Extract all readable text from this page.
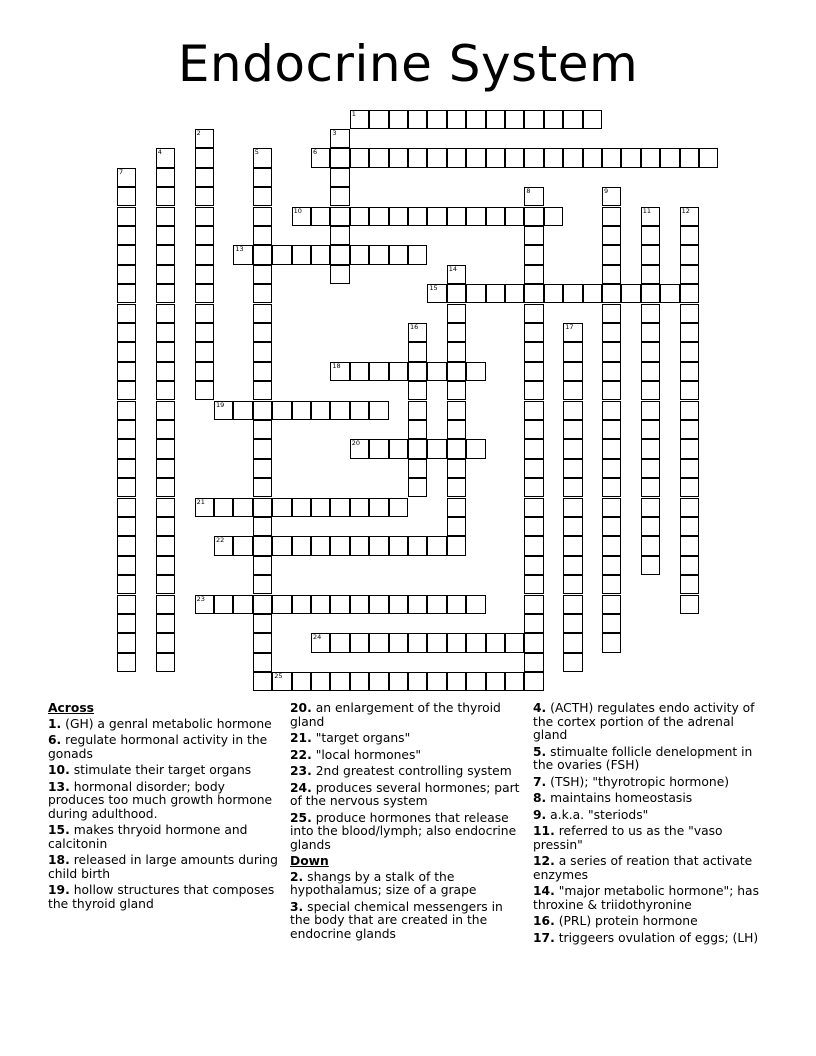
Endocrine System
1
2	3
4	5	6
7
8	9
10	11	12
13
14
15
16	17
18
19
20
21
22
23
24
25
Across
1. (GH) a genral metabolic hormone
6. regulate hormonal activity in the gonads
10. stimulate their target organs
13. hormonal disorder; body produces too much growth hormone during adulthood.
15. makes thryoid hormone and calcitonin
18. released in large amounts during child birth
19. hollow structures that composes the thyroid gland
20. an enlargement of the thyroid gland
21. "target organs"
22. "local hormones"
23. 2nd greatest controlling system
24. produces several hormones; part of the nervous system
25. produce hormones that release into the blood/lymph; also endocrine glands
Down
2. shangs by a stalk of the hypothalamus; size of a grape
3. special chemical messengers in the body that are created in the endocrine glands
4. (ACTH) regulates endo activity of the cortex portion of the adrenal gland
5. stimualte follicle denelopment in the ovaries (FSH)
7. (TSH); "thyrotropic hormone)
8. maintains homeostasis
9. a.k.a. "steriods"
11. referred to us as the "vaso pressin"
12. a series of reation that activate enzymes
14. "major metabolic hormone"; has throxine & triidothyronine
16. (PRL) protein hormone
17. triggeers ovulation of eggs; (LH)
